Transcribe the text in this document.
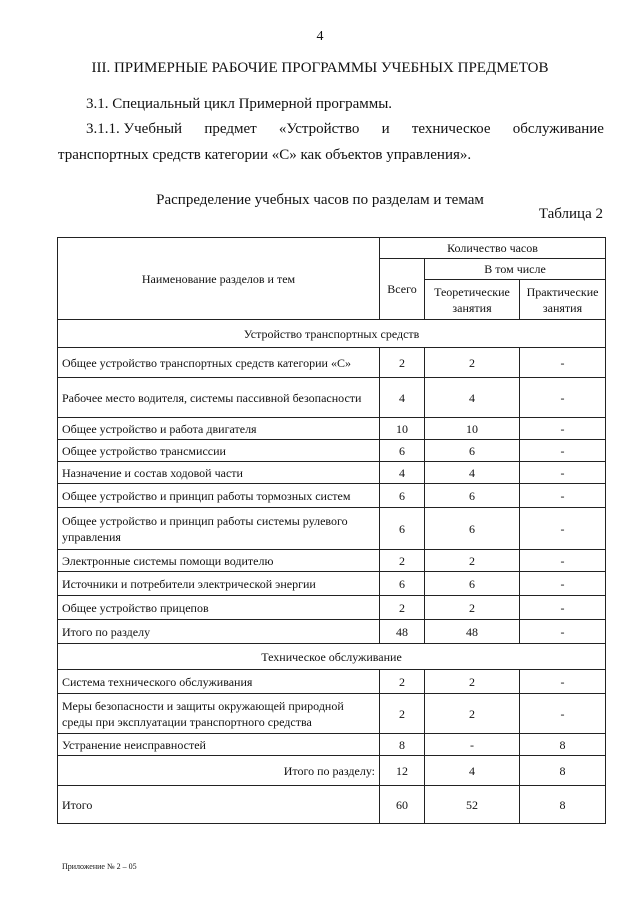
4
III. ПРИМЕРНЫЕ РАБОЧИЕ ПРОГРАММЫ УЧЕБНЫХ ПРЕДМЕТОВ
3.1. Специальный цикл Примерной программы.
3.1.1. Учебный предмет «Устройство и техническое обслуживание
транспортных средств категории «С» как объектов управления».
Распределение учебных часов по разделам и темам
Таблица 2
Наименование разделов и тем	Количество часов		
	Всего	В том числе	
		Теоретические занятия	Практические занятия
Устройство транспортных средств			
Общее устройство транспортных средств категории «С»	2	2	-
Рабочее место водителя, системы пассивной безопасности	4	4	-
Общее устройство и работа двигателя	10	10	-
Общее устройство трансмиссии	6	6	-
Назначение и состав ходовой части	4	4	-
Общее устройство и принцип работы тормозных систем	6	6	-
Общее устройство и принцип работы системы рулевого управления	6	6	-
Электронные системы помощи водителю	2	2	-
Источники и потребители электрической энергии	6	6	-
Общее устройство прицепов	2	2	-
Итого по разделу	48	48	-
Техническое обслуживание			
Система технического обслуживания	2	2	-
Меры безопасности и защиты окружающей природной среды при эксплуатации транспортного средства	2	2	-
Устранение неисправностей	8	-	8
Итого по разделу:	12	4	8
Итого	60	52	8
Приложение № 2 – 05
